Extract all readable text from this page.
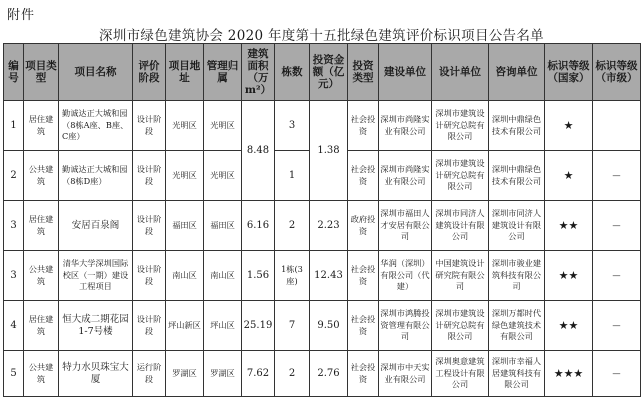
附件
深圳市绿色建筑协会 2020 年度第十五批绿色建筑评价标识项目公告名单
编号	项目类型	项目名称	评价阶段	项目地址	管理归属	建筑面积（万m²）	栋数	投资金额（亿元）	投资类型	建设单位	设计单位	咨询单位	标识等级（国家）	标识等级（市级）
1	居住建筑	勤诚达正大城和园（8栋A座、B座、C座）	设计阶段	光明区	光明区	8.48	3	1.38	社会投资	深圳市尚隆实业有限公司	深圳市建筑设计研究总院有限公司	深圳中鼎绿色技术有限公司	★	
2	公共建筑	勤诚达正大城和园（8栋D座）	设计阶段	光明区	光明区		1		社会投资	深圳市尚隆实业有限公司	深圳市建筑设计研究总院有限公司	深圳中鼎绿色技术有限公司	★	—
3	居住建筑	安居百泉阁	设计阶段	福田区	福田区	6.16	2	2.23	政府投资	深圳市福田人才安居有限公司	深圳市同济人建筑设计有限公司	深圳市同济人建筑设计有限公司	★★	—
3	公共建筑	清华大学深圳国际校区（一期）建设工程项目	设计阶段	南山区	南山区	1.56	1栋(3座)	12.43	社会投资	华润（深圳）有限公司（代建）	中国建筑设计研究院有限公司	深圳市骏业建筑科技有限公司	★★	—
4	居住建筑	恒大成二期花园1-7号楼	设计阶段	坪山新区	坪山区	25.19	7	9.50	社会投资	深圳市鸿腾投资管理有限公司	深圳市建筑设计研究总院有限公司	深圳万都时代绿色建筑技术有限公司	★★	—
5	公共建筑	特力水贝珠宝大厦	运行阶段	罗湖区	罗湖区	7.62	2	2.76	社会投资	深圳市中天实业有限公司	深圳奥意建筑工程设计有限公司	深圳市幸福人居建筑科技有限公司	★★★	—
